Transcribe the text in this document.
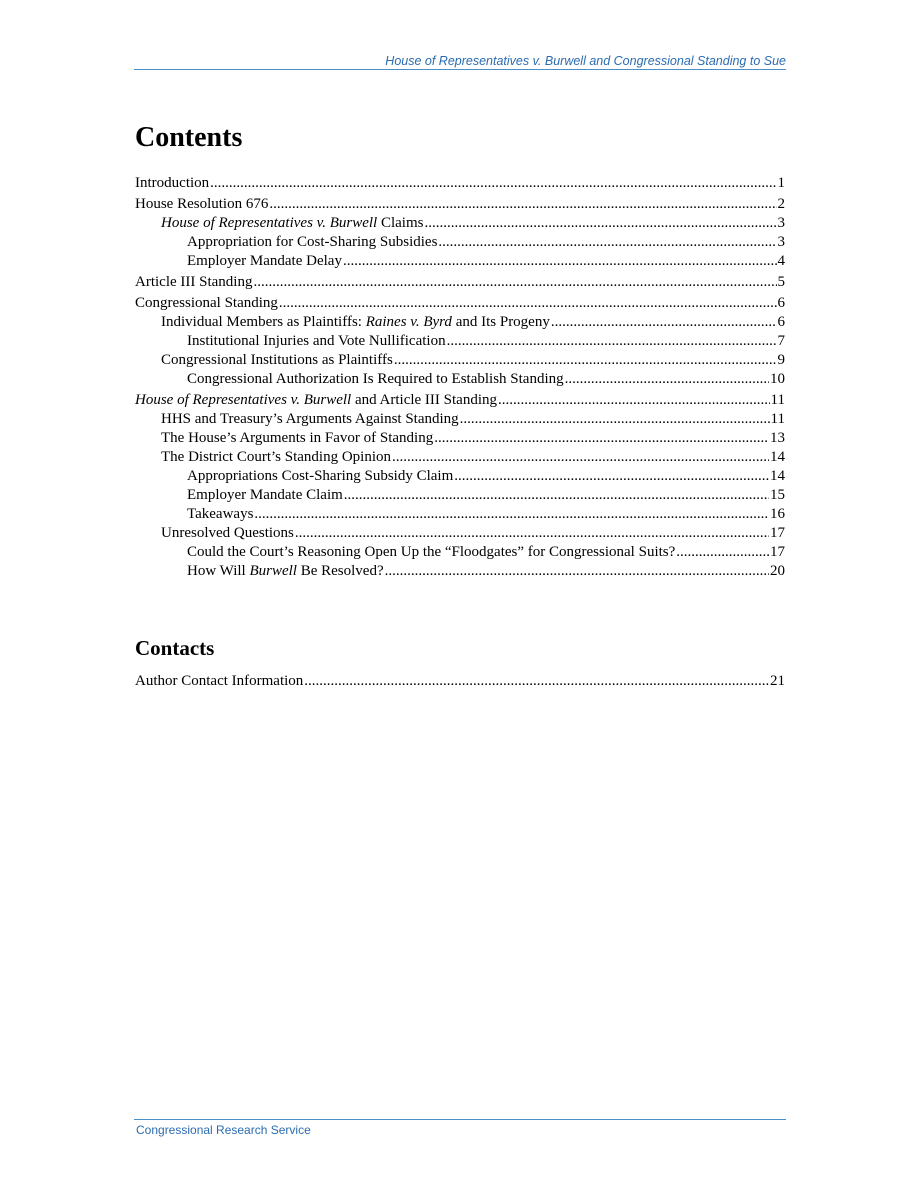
House of Representatives v. Burwell and Congressional Standing to Sue
Contents
Introduction .....	1
House Resolution 676 .....	2
House of Representatives v. Burwell Claims .....	3
Appropriation for Cost-Sharing Subsidies .....	3
Employer Mandate Delay .....	4
Article III Standing .....	5
Congressional Standing .....	6
Individual Members as Plaintiffs: Raines v. Byrd and Its Progeny .....	6
Institutional Injuries and Vote Nullification .....	7
Congressional Institutions as Plaintiffs .....	9
Congressional Authorization Is Required to Establish Standing .....	10
House of Representatives v. Burwell and Article III Standing .....	11
HHS and Treasury’s Arguments Against Standing .....	11
The House’s Arguments in Favor of Standing .....	13
The District Court’s Standing Opinion .....	14
Appropriations Cost-Sharing Subsidy Claim .....	14
Employer Mandate Claim .....	15
Takeaways .....	16
Unresolved Questions .....	17
Could the Court’s Reasoning Open Up the “Floodgates” for Congressional Suits? .....	17
How Will Burwell Be Resolved? .....	20
Contacts
Author Contact Information .....	21
Congressional Research Service
